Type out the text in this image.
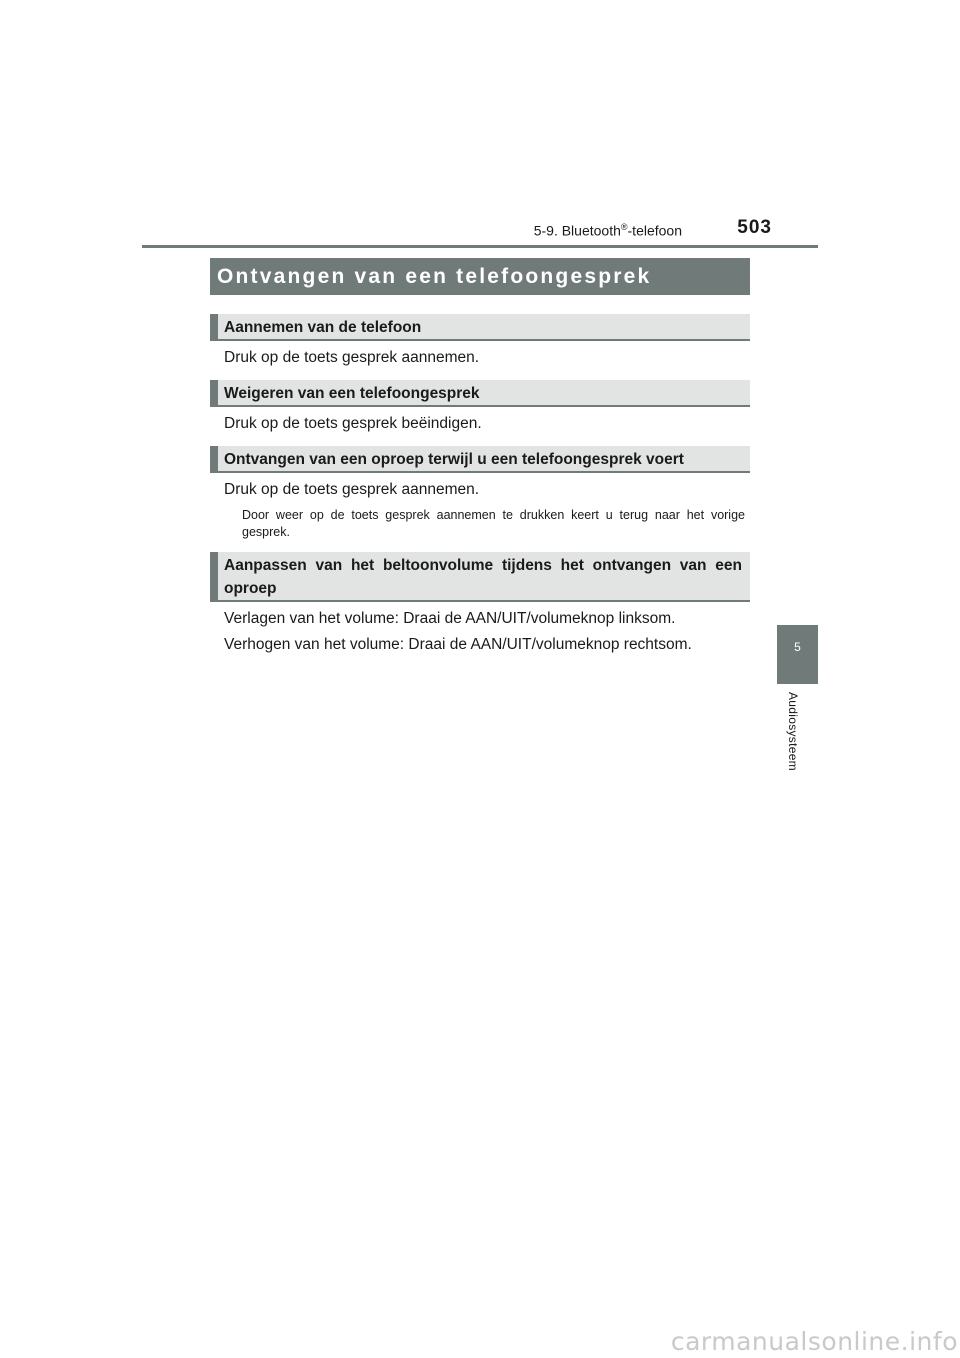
5-9. Bluetooth®-telefoon	503
Ontvangen van een telefoongesprek
Aannemen van de telefoon
Druk op de toets gesprek aannemen.
Weigeren van een telefoongesprek
Druk op de toets gesprek beëindigen.
Ontvangen van een oproep terwijl u een telefoongesprek voert
Druk op de toets gesprek aannemen.
Door weer op de toets gesprek aannemen te drukken keert u terug naar het vorige gesprek.
Aanpassen van het beltoonvolume tijdens het ontvangen van een oproep
Verlagen van het volume: Draai de AAN/UIT/volumeknop linksom.
Verhogen van het volume: Draai de AAN/UIT/volumeknop rechtsom.	5
Audiosysteem
carmanualsonline.info
